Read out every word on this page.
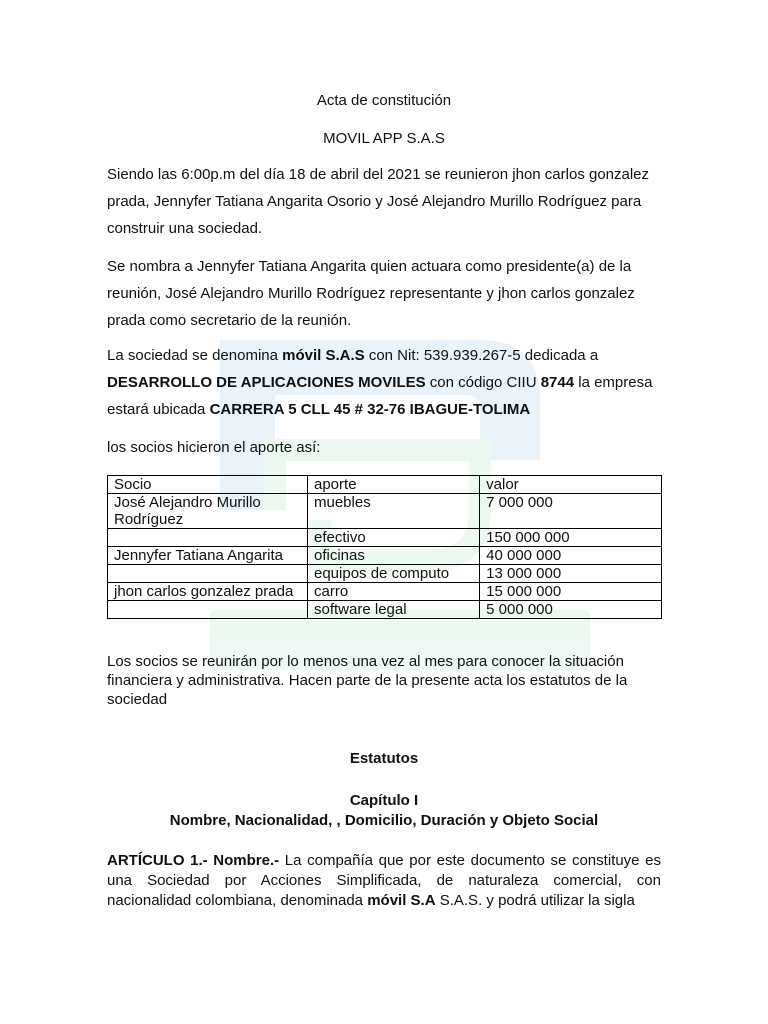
Acta de constitución
MOVIL APP S.A.S

Siendo las 6:00p.m del día 18 de abril del 2021 se reunieron jhon carlos gonzalez prada, Jennyfer Tatiana Angarita Osorio y José Alejandro Murillo Rodríguez para construir una sociedad.

Se nombra a Jennyfer Tatiana Angarita quien actuara como presidente(a) de la reunión, José Alejandro Murillo Rodríguez representante y jhon carlos gonzalez prada como secretario de la reunión.

La sociedad se denomina móvil S.A.S con Nit: 539.939.267-5 dedicada a DESARROLLO DE APLICACIONES MOVILES con código CIIU 8744 la empresa estará ubicada CARRERA 5 CLL 45 # 32-76 IBAGUE-TOLIMA

los socios hicieron el aporte así:

Socio	aporte	valor
José Alejandro Murillo Rodríguez	muebles	7 000 000
	efectivo	150 000 000
Jennyfer Tatiana Angarita	oficinas	40 000 000
	equipos de computo	13 000 000
jhon carlos gonzalez prada	carro	15 000 000
	software legal	5 000 000

Los socios se reunirán por lo menos una vez al mes para conocer la situación financiera y administrativa. Hacen parte de la presente acta los estatutos de la sociedad

Estatutos
Capítulo I
Nombre, Nacionalidad, , Domicilio, Duración y Objeto Social

ARTÍCULO 1.- Nombre.- La compañía que por este documento se constituye es una Sociedad por Acciones Simplificada, de naturaleza comercial, con nacionalidad colombiana, denominada móvil S.A S.A.S. y podrá utilizar la sigla
